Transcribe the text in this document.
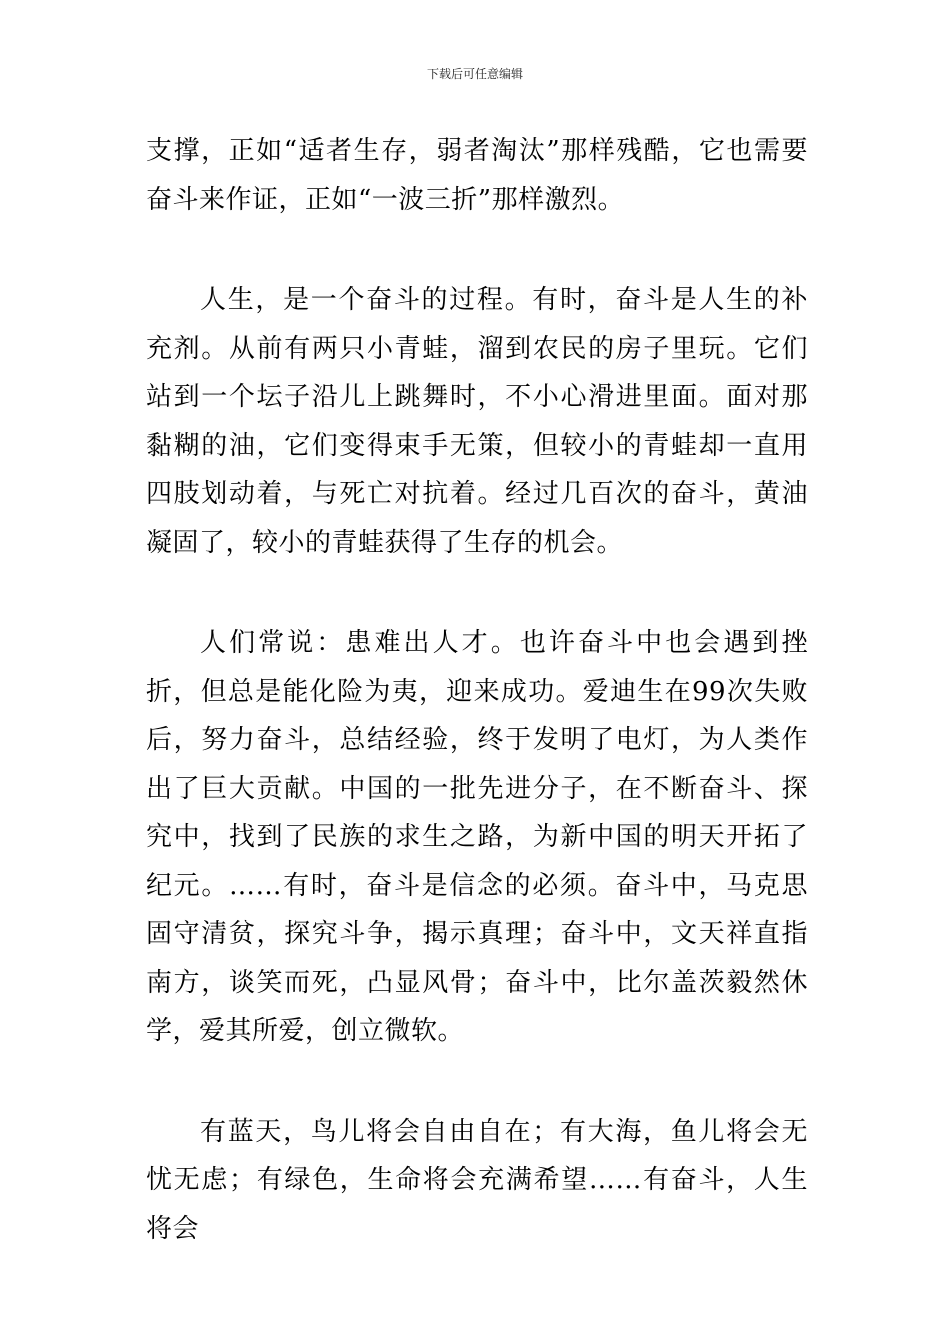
下载后可任意编辑

支撑，正如“适者生存，弱者淘汰”那样残酷，它也需要奋斗来作证，正如“一波三折”那样激烈。

人生，是一个奋斗的过程。有时，奋斗是人生的补充剂。从前有两只小青蛙，溜到农民的房子里玩。它们站到一个坛子沿儿上跳舞时，不小心滑进里面。面对那黏糊的油，它们变得束手无策，但较小的青蛙却一直用四肢划动着，与死亡对抗着。经过几百次的奋斗，黄油凝固了，较小的青蛙获得了生存的机会。

人们常说：患难出人才。也许奋斗中也会遇到挫折，但总是能化险为夷，迎来成功。爱迪生在99次失败后，努力奋斗，总结经验，终于发明了电灯，为人类作出了巨大贡献。中国的一批先进分子，在不断奋斗、探究中，找到了民族的求生之路，为新中国的明天开拓了纪元。……有时，奋斗是信念的必须。奋斗中，马克思固守清贫，探究斗争，揭示真理；奋斗中，文天祥直指南方，谈笑而死，凸显风骨；奋斗中，比尔盖茨毅然休学，爱其所爱，创立微软。

有蓝天，鸟儿将会自由自在；有大海，鱼儿将会无忧无虑；有绿色，生命将会充满希望……有奋斗，人生将会
